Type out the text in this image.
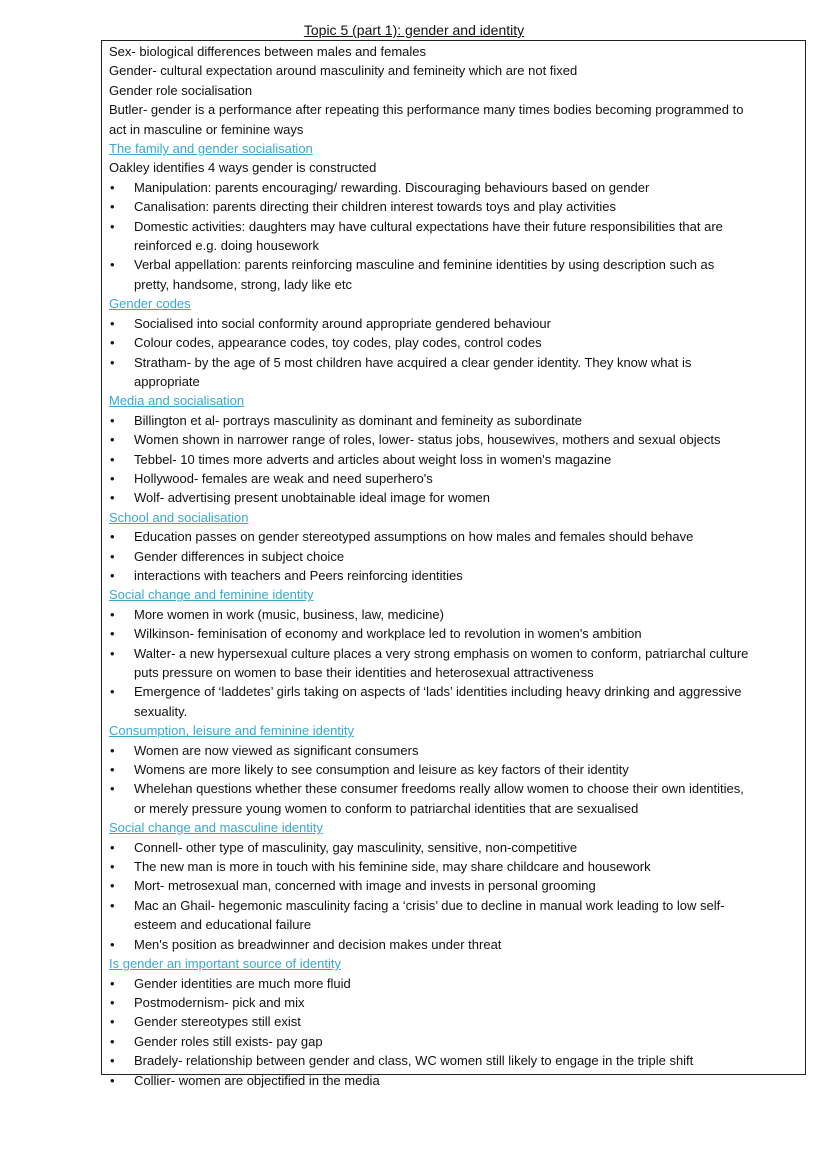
Topic 5 (part 1): gender and identity
Sex- biological differences between males and females
Gender- cultural expectation around masculinity and femineity which are not fixed
Gender role socialisation
Butler- gender is a performance after repeating this performance many times bodies becoming programmed to
act in masculine or feminine ways
The family and gender socialisation
Oakley identifies 4 ways gender is constructed
• Manipulation: parents encouraging/ rewarding. Discouraging behaviours based on gender
• Canalisation: parents directing their children interest towards toys and play activities
• Domestic activities: daughters may have cultural expectations have their future responsibilities that are
reinforced e.g. doing housework
• Verbal appellation: parents reinforcing masculine and feminine identities by using description such as
pretty, handsome, strong, lady like etc
Gender codes
• Socialised into social conformity around appropriate gendered behaviour
• Colour codes, appearance codes, toy codes, play codes, control codes
• Stratham- by the age of 5 most children have acquired a clear gender identity. They know what is
appropriate
Media and socialisation
• Billington et al- portrays masculinity as dominant and femineity as subordinate
• Women shown in narrower range of roles, lower- status jobs, housewives, mothers and sexual objects
• Tebbel- 10 times more adverts and articles about weight loss in women's magazine
• Hollywood- females are weak and need superhero's
• Wolf- advertising present unobtainable ideal image for women
School and socialisation
• Education passes on gender stereotyped assumptions on how males and females should behave
• Gender differences in subject choice
• interactions with teachers and Peers reinforcing identities
Social change and feminine identity
• More women in work (music, business, law, medicine)
• Wilkinson- feminisation of economy and workplace led to revolution in women's ambition
• Walter- a new hypersexual culture places a very strong emphasis on women to conform, patriarchal culture
puts pressure on women to base their identities and heterosexual attractiveness
• Emergence of ‘laddetes’ girls taking on aspects of ‘lads’ identities including heavy drinking and aggressive
sexuality.
Consumption, leisure and feminine identity
• Women are now viewed as significant consumers
• Womens are more likely to see consumption and leisure as key factors of their identity
• Whelehan questions whether these consumer freedoms really allow women to choose their own identities,
or merely pressure young women to conform to patriarchal identities that are sexualised
Social change and masculine identity
• Connell- other type of masculinity, gay masculinity, sensitive, non-competitive
• The new man is more in touch with his feminine side, may share childcare and housework
• Mort- metrosexual man, concerned with image and invests in personal grooming
• Mac an Ghail- hegemonic masculinity facing a ‘crisis’ due to decline in manual work leading to low self-
esteem and educational failure
• Men's position as breadwinner and decision makes under threat
Is gender an important source of identity
• Gender identities are much more fluid
• Postmodernism- pick and mix
• Gender stereotypes still exist
• Gender roles still exists- pay gap
• Bradely- relationship between gender and class, WC women still likely to engage in the triple shift
• Collier- women are objectified in the media
